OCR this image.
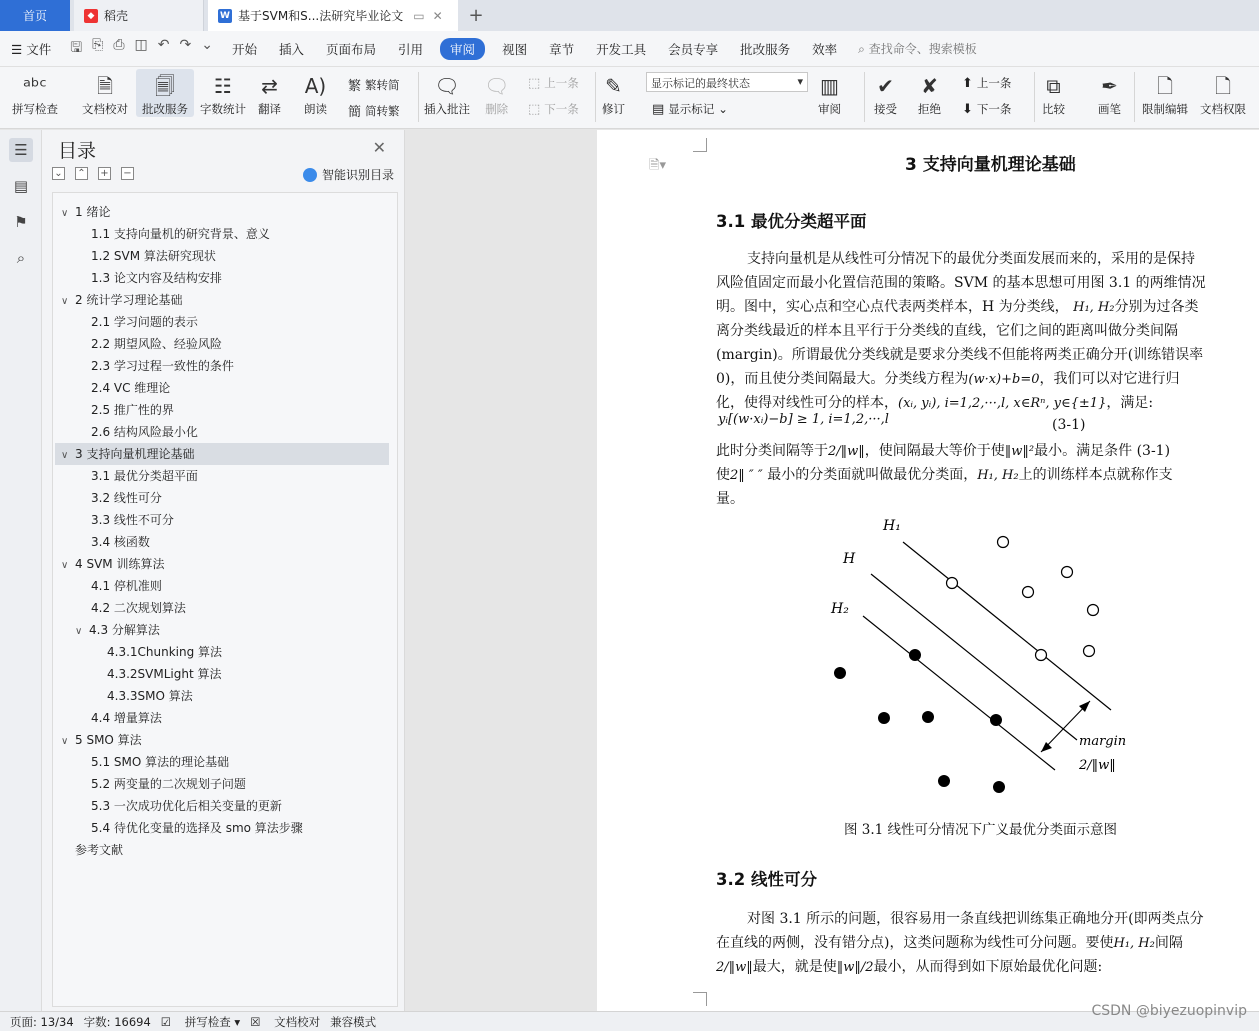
首页	◆ 稻壳	W 基于SVM和S...法研究毕业论文 ▭ ✕	+
☰ 文件	🖫 ⎘ ⎙ ◫ ↶ ↷ ⌄	开始	插入	页面布局	引用	审阅	视图	章节	开发工具	会员专享	批改服务	效率	⌕ 查找命令、搜索模板
ᵃᵇᶜ
拼写检查
🗎
文档校对
🗐
批改服务
☷
字数统计
⇄
翻译
A)
朗读
繁 繁转简
簡 简转繁
🗨
插入批注
🗨
删除
⬚ 上一条
⬚ 下一条
✎
修订 ▤ 显示标记 ⌄
▥
审阅
✔
接受
✘
拒绝
⬆ 上一条
⬇ 下一条
⧉
比较
✒
画笔
🗋
限制编辑
🗋
文档权限
显示标记的最终状态	▾
☰
▤
⚑
⌕
目录	✕
⌄ ⌃ + −	智能识别目录
∨ 1 绪论
1.1 支持向量机的研究背景、意义
1.2 SVM 算法研究现状
1.3 论文内容及结构安排
∨ 2 统计学习理论基础
2.1 学习问题的表示
2.2 期望风险、经验风险
2.3 学习过程一致性的条件
2.4 VC 维理论
2.5 推广性的界
2.6 结构风险最小化
∨ 3 支持向量机理论基础
3.1 最优分类超平面
3.2 线性可分
3.3 线性不可分
3.4 核函数
∨ 4 SVM 训练算法
4.1 停机准则
4.2 二次规划算法
∨ 4.3 分解算法
4.3.1Chunking 算法
4.3.2SVMLight 算法
4.3.3SMO 算法
4.4 增量算法
∨ 5 SMO 算法
5.1 SMO 算法的理论基础
5.2 两变量的二次规划子问题
5.3 一次成功优化后相关变量的更新
5.4 待优化变量的选择及 smo 算法步骤
参考文献
🗎▾	3 支持向量机理论基础
3.1 最优分类超平面
支持向量机是从线性可分情况下的最优分类面发展而来的，采用的是保持
风险值固定而最小化置信范围的策略。SVM 的基本思想可用图 3.1 的两维情况
明。图中，实心点和空心点代表两类样本，H 为分类线， H₁, H₂分别为过各类
离分类线最近的样本且平行于分类线的直线，它们之间的距离叫做分类间隔
(margin)。所谓最优分类线就是要求分类线不但能将两类正确分开(训练错误率
0)，而且使分类间隔最大。分类线方程为(w·x)+b=0，我们可以对它进行归
化，使得对线性可分的样本，(xᵢ, yᵢ), i=1,2,···,l, x∈Rⁿ, y∈{±1}，满足:
yᵢ[(w·xᵢ)−b] ≥ 1, i=1,2,···,l	(3-1)
此时分类间隔等于2/‖w‖，使间隔最大等价于使‖w‖²最小。满足条件 (3-1)
使2‖ ″ ″ 最小的分类面就叫做最优分类面，H₁, H₂上的训练样本点就称作支
量。
H₁
H
H₂
margin
2/‖w‖
图 3.1 线性可分情况下广义最优分类面示意图
3.2 线性可分
对图 3.1 所示的问题，很容易用一条直线把训练集正确地分开(即两类点分
在直线的两侧，没有错分点)，这类问题称为线性可分问题。要使H₁, H₂间隔
2/‖w‖最大，就是使‖w‖/2最小，从而得到如下原始最优化问题:
页面: 13/34 字数: 16694 ☑ 拼写检查 ▾ ☒ 文档校对 兼容模式
CSDN @biyezuopinvip
